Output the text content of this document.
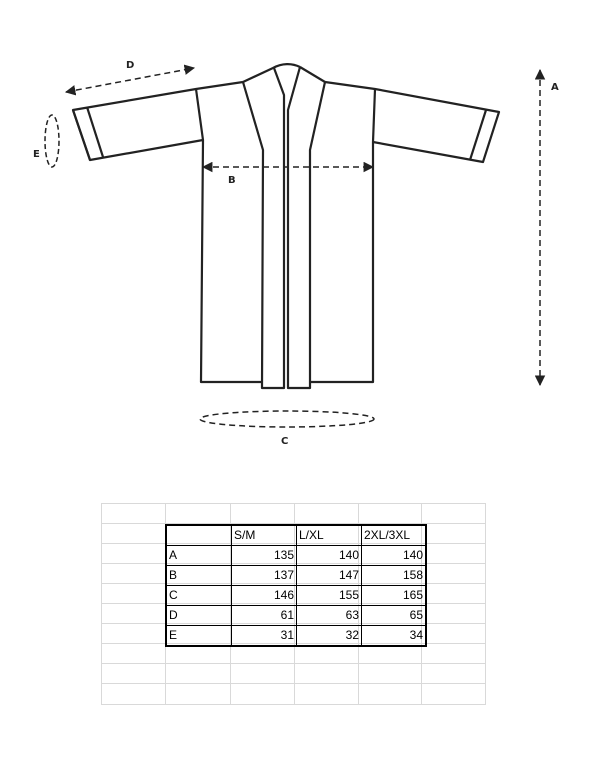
A
B
C
D
E
	S/M	L/XL	2XL/3XL
A	135	140	140
B	137	147	158
C	146	155	165
D	61	63	65
E	31	32	34
